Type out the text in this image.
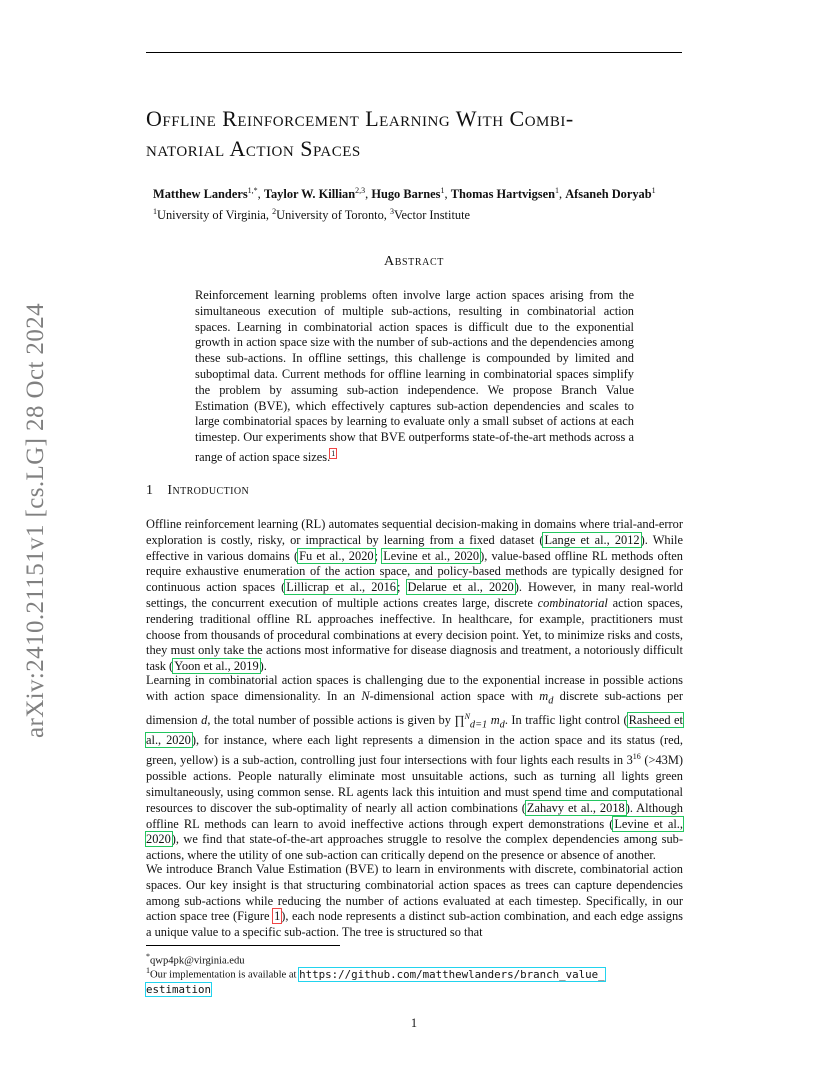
arXiv:2410.21151v1 [cs.LG] 28 Oct 2024
Offline Reinforcement Learning With Combi-
natorial Action Spaces
Matthew Landers$^{1,*}$, Taylor W. Killian$^{2,3}$, Hugo Barnes$^1$, Thomas Hartvigsen$^1$, Afsaneh Doryab$^1$
$^1$University of Virginia, $^2$University of Toronto, $^3$Vector Institute
Abstract
Reinforcement learning problems often involve large action spaces arising from the simultaneous execution of multiple sub-actions, resulting in combinatorial action spaces. Learning in combinatorial action spaces is difficult due to the exponential growth in action space size with the number of sub-actions and the dependencies among these sub-actions. In offline settings, this challenge is compounded by limited and suboptimal data. Current methods for offline learning in combinatorial spaces simplify the problem by assuming sub-action independence. We propose Branch Value Estimation (BVE), which effectively captures sub-action dependencies and scales to large combinatorial spaces by learning to evaluate only a small subset of actions at each timestep. Our experiments show that BVE outperforms state-of-the-art methods across a range of action space sizes.$^1$
1 Introduction
Offline reinforcement learning (RL) automates sequential decision-making in domains where trial-and-error exploration is costly, risky, or impractical by learning from a fixed dataset (Lange et al., 2012). While effective in various domains (Fu et al., 2020; Levine et al., 2020), value-based offline RL methods often require exhaustive enumeration of the action space, and policy-based methods are typically designed for continuous action spaces (Lillicrap et al., 2016; Delarue et al., 2020). However, in many real-world settings, the concurrent execution of multiple actions creates large, discrete combinatorial action spaces, rendering traditional offline RL approaches ineffective. In healthcare, for example, practitioners must choose from thousands of procedural combinations at every decision point. Yet, to minimize risks and costs, they must only take the actions most informative for disease diagnosis and treatment, a notoriously difficult task (Yoon et al., 2019).
Learning in combinatorial action spaces is challenging due to the exponential increase in possible actions with action space dimensionality. In an N-dimensional action space with $m_d$ discrete sub-actions per dimension d, the total number of possible actions is given by ∏$^N_{d=1}$ $m_d$. In traffic light control (Rasheed et al., 2020), for instance, where each light represents a dimension in the action space and its status (red, green, yellow) is a sub-action, controlling just four intersections with four lights each results in $3^{16}$ (>43M) possible actions. People naturally eliminate most unsuitable actions, such as turning all lights green simultaneously, using common sense. RL agents lack this intuition and must spend time and computational resources to discover the sub-optimality of nearly all action combinations (Zahavy et al., 2018). Although offline RL methods can learn to avoid ineffective actions through expert demonstrations (Levine et al., 2020), we find that state-of-the-art approaches struggle to resolve the complex dependencies among sub-actions, where the utility of one sub-action can critically depend on the presence or absence of another.
We introduce Branch Value Estimation (BVE) to learn in environments with discrete, combinatorial action spaces. Our key insight is that structuring combinatorial action spaces as trees can capture dependencies among sub-actions while reducing the number of actions evaluated at each timestep. Specifically, in our action space tree (Figure 1), each node represents a distinct sub-action combination, and each edge assigns a unique value to a specific sub-action. The tree is structured so that
*qwp4pk@virginia.edu
$^1$Our implementation is available at https://github.com/matthewlanders/branch_value_
estimation
1
